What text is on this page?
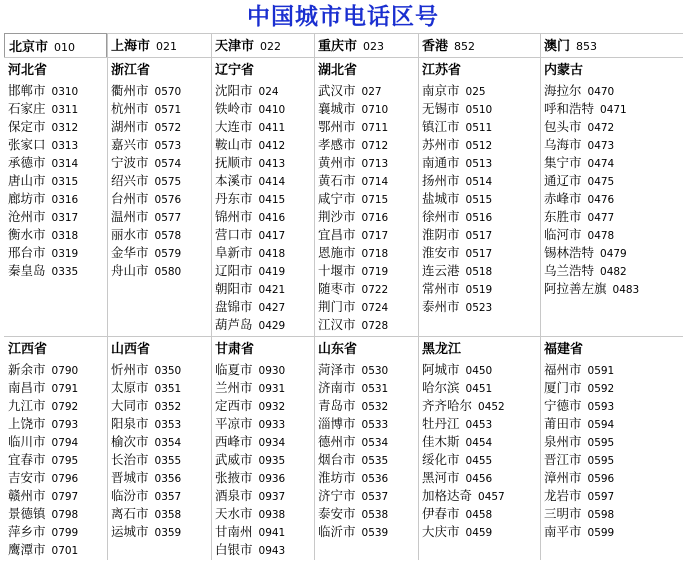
中国城市电话区号
北京市 010	上海市 021	天津市 022	重庆市 023	香港 852	澳门 853
河北省
邯郸市 0310
石家庄 0311
保定市 0312
张家口 0313
承德市 0314
唐山市 0315
廊坊市 0316
沧州市 0317
衡水市 0318
邢台市 0319
秦皇岛 0335
浙江省
衢州市 0570
杭州市 0571
湖州市 0572
嘉兴市 0573
宁波市 0574
绍兴市 0575
台州市 0576
温州市 0577
丽水市 0578
金华市 0579
舟山市 0580
辽宁省
沈阳市 024
铁岭市 0410
大连市 0411
鞍山市 0412
抚顺市 0413
本溪市 0414
丹东市 0415
锦州市 0416
营口市 0417
阜新市 0418
辽阳市 0419
朝阳市 0421
盘锦市 0427
葫芦岛 0429
湖北省
武汉市 027
襄城市 0710
鄂州市 0711
孝感市 0712
黄州市 0713
黄石市 0714
咸宁市 0715
荆沙市 0716
宜昌市 0717
恩施市 0718
十堰市 0719
随枣市 0722
荆门市 0724
江汉市 0728
江苏省
南京市 025
无锡市 0510
镇江市 0511
苏州市 0512
南通市 0513
扬州市 0514
盐城市 0515
徐州市 0516
淮阴市 0517
淮安市 0517
连云港 0518
常州市 0519
泰州市 0523
内蒙古
海拉尔 0470
呼和浩特 0471
包头市 0472
乌海市 0473
集宁市 0474
通辽市 0475
赤峰市 0476
东胜市 0477
临河市 0478
锡林浩特 0479
乌兰浩特 0482
阿拉善左旗 0483
江西省
新余市 0790
南昌市 0791
九江市 0792
上饶市 0793
临川市 0794
宜春市 0795
吉安市 0796
赣州市 0797
景德镇 0798
萍乡市 0799
鹰潭市 0701
山西省
忻州市 0350
太原市 0351
大同市 0352
阳泉市 0353
榆次市 0354
长治市 0355
晋城市 0356
临汾市 0357
离石市 0358
运城市 0359
甘肃省
临夏市 0930
兰州市 0931
定西市 0932
平凉市 0933
西峰市 0934
武威市 0935
张掖市 0936
酒泉市 0937
天水市 0938
甘南州 0941
白银市 0943
山东省
菏泽市 0530
济南市 0531
青岛市 0532
淄博市 0533
德州市 0534
烟台市 0535
淮坊市 0536
济宁市 0537
泰安市 0538
临沂市 0539
黑龙江
阿城市 0450
哈尔滨 0451
齐齐哈尔 0452
牡丹江 0453
佳木斯 0454
绥化市 0455
黑河市 0456
加格达奇 0457
伊春市 0458
大庆市 0459
福建省
福州市 0591
厦门市 0592
宁德市 0593
莆田市 0594
泉州市 0595
晋江市 0595
漳州市 0596
龙岩市 0597
三明市 0598
南平市 0599
